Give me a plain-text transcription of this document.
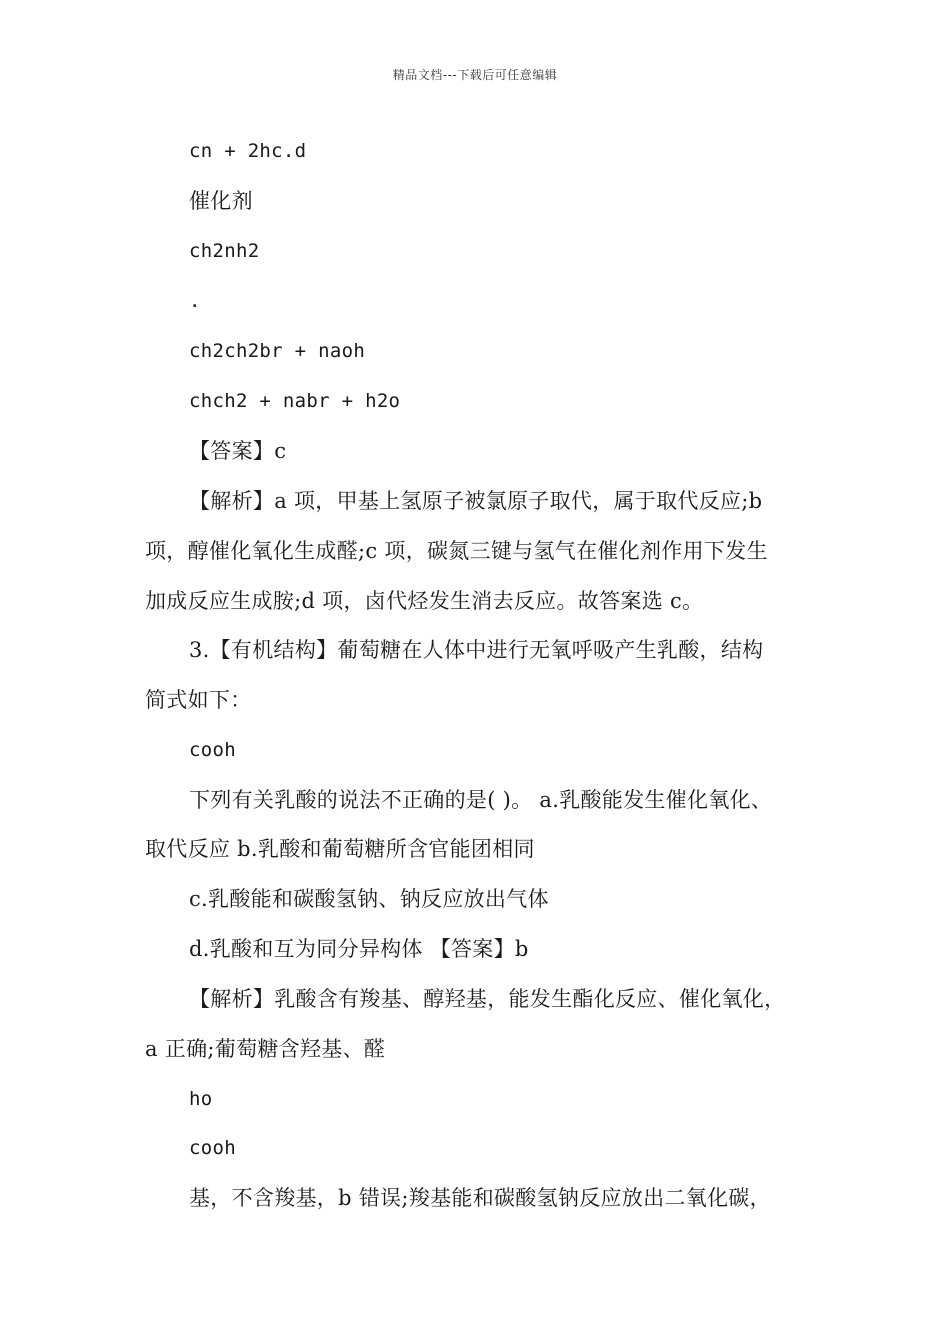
精品文档---下载后可任意编辑
cn + 2hc.d
催化剂
ch2nh2
.
ch2ch2br + naoh
chch2 + nabr + h2o
【答案】c
【解析】a 项，甲基上氢原子被氯原子取代，属于取代反应;b
项，醇催化氧化生成醛;c 项，碳氮三键与氢气在催化剂作用下发生
加成反应生成胺;d 项，卤代烃发生消去反应。故答案选 c。
3.【有机结构】葡萄糖在人体中进行无氧呼吸产生乳酸，结构
简式如下：
cooh
下列有关乳酸的说法不正确的是( )。 a.乳酸能发生催化氧化、
取代反应 b.乳酸和葡萄糖所含官能团相同
c.乳酸能和碳酸氢钠、钠反应放出气体
d.乳酸和互为同分异构体 【答案】b
【解析】乳酸含有羧基、醇羟基，能发生酯化反应、催化氧化，
a 正确;葡萄糖含羟基、醛
ho
cooh
基，不含羧基，b 错误;羧基能和碳酸氢钠反应放出二氧化碳，
